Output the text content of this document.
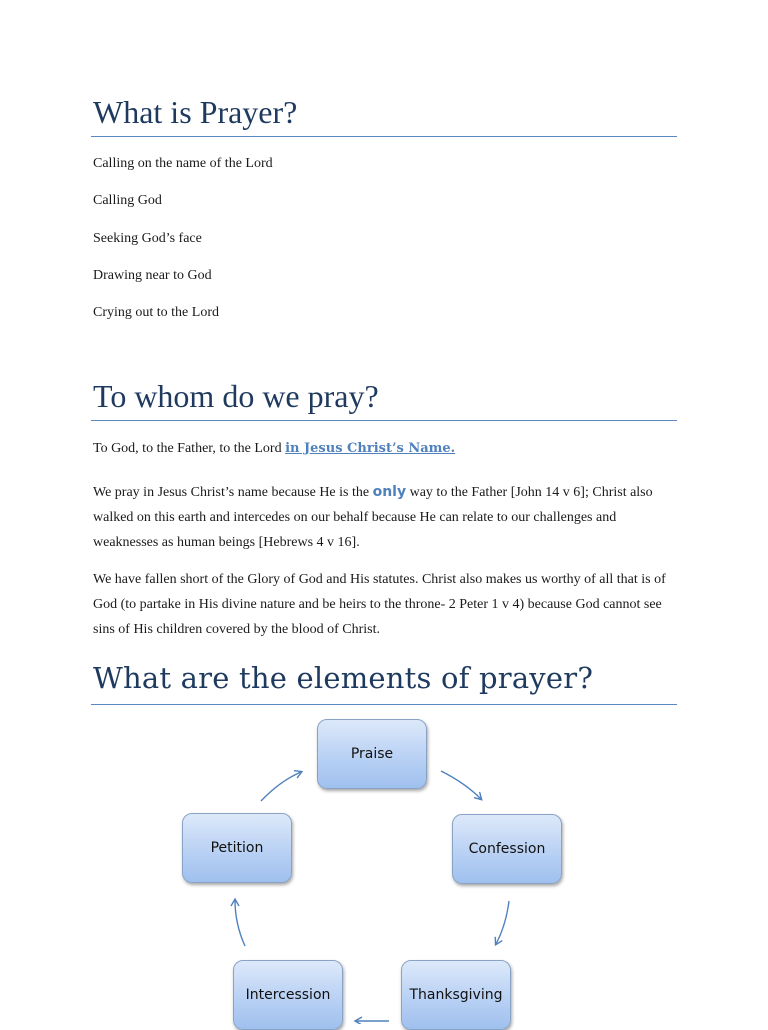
What is Prayer?

Calling on the name of the Lord

Calling God

Seeking God’s face

Drawing near to God

Crying out to the Lord

To whom do we pray?

To God, to the Father, to the Lord in Jesus Christ’s Name.

We pray in Jesus Christ’s name because He is the only way to the Father [John 14 v 6]; Christ also walked on this earth and intercedes on our behalf because He can relate to our challenges and weaknesses as human beings [Hebrews 4 v 16].

We have fallen short of the Glory of God and His statutes. Christ also makes us worthy of all that is of God (to partake in His divine nature and be heirs to the throne- 2 Peter 1 v 4) because God cannot see sins of His children covered by the blood of Christ.

What are the elements of prayer?
Praise
Confession
Thanksgiving
Intercession
Petition
